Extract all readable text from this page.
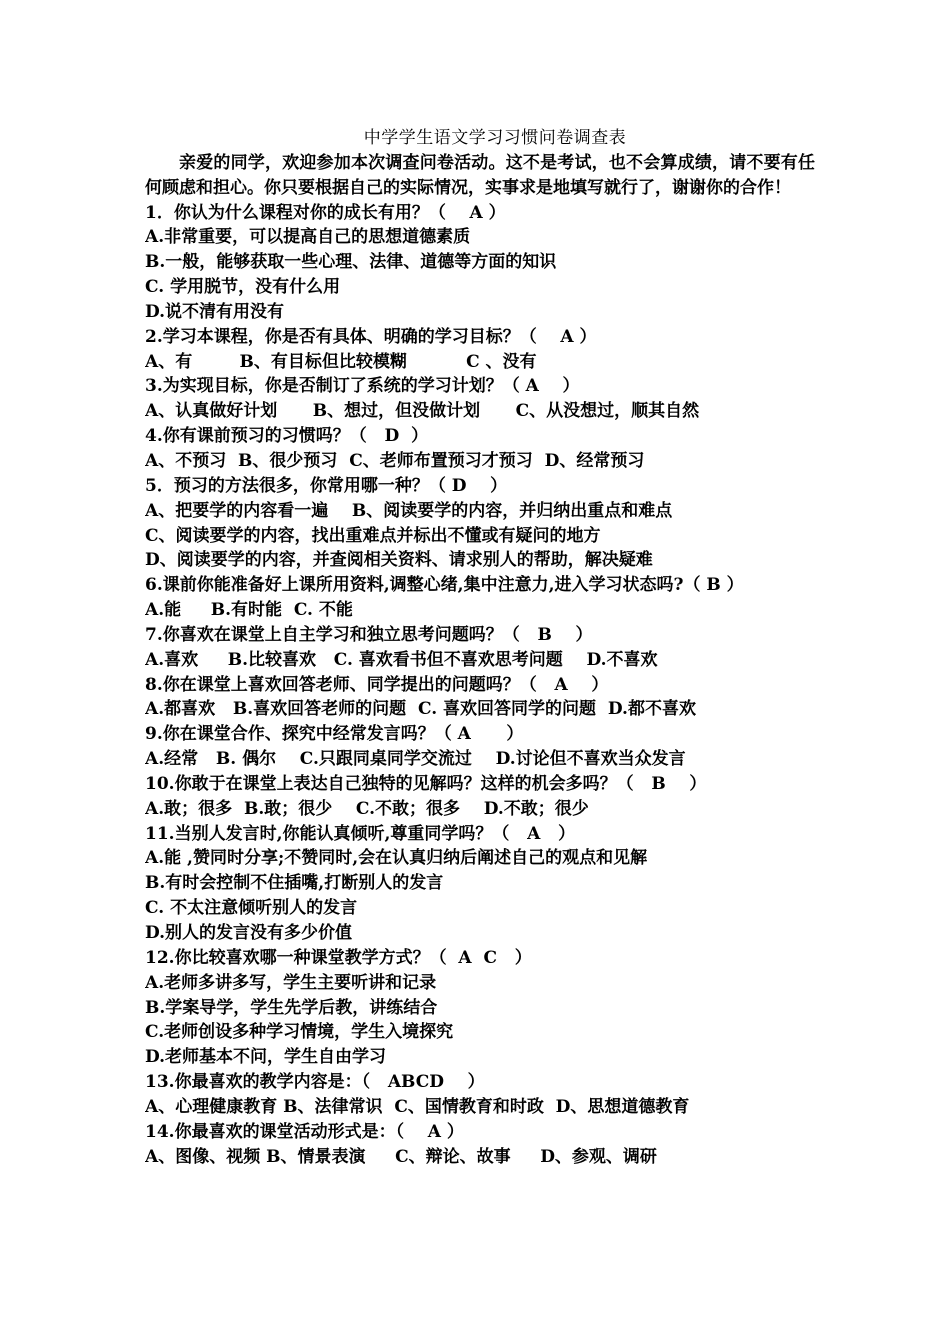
中学学生语文学习习惯问卷调查表
亲爱的同学，欢迎参加本次调查问卷活动。这不是考试，也不会算成绩，请不要有任何顾虑和担心。你只要根据自己的实际情况，实事求是地填写就行了，谢谢你的合作！
1．你认为什么课程对你的成长有用？（    A ）
A.非常重要，可以提高自己的思想道德素质
B.一般，能够获取一些心理、法律、道德等方面的知识
C. 学用脱节，没有什么用
D.说不清有用没有
2.学习本课程，你是否有具体、明确的学习目标？（    A ）
A、有        B、有目标但比较模糊          C 、没有
3.为实现目标，你是否制订了系统的学习计划？（ A    ）
A、认真做好计划      B、想过，但没做计划      C、从没想过，顺其自然
4.你有课前预习的习惯吗？（   D  ）
A、不预习  B、很少预习  C、老师布置预习才预习  D、经常预习
5．预习的方法很多，你常用哪一种？（ D    ）
A、把要学的内容看一遍    B、阅读要学的内容，并归纳出重点和难点
C、阅读要学的内容，找出重难点并标出不懂或有疑问的地方
D、阅读要学的内容，并查阅相关资料、请求别人的帮助，解决疑难
6.课前你能准备好上课所用资料,调整心绪,集中注意力,进入学习状态吗?（ B ）
A.能     B.有时能  C. 不能
7.你喜欢在课堂上自主学习和独立思考问题吗？（   B    ）
A.喜欢     B.比较喜欢   C. 喜欢看书但不喜欢思考问题    D.不喜欢
8.你在课堂上喜欢回答老师、同学提出的问题吗？（   A    ）
A.都喜欢   B.喜欢回答老师的问题  C. 喜欢回答同学的问题  D.都不喜欢
9.你在课堂合作、探究中经常发言吗？（ A      ）
A.经常   B. 偶尔    C.只跟同桌同学交流过    D.讨论但不喜欢当众发言
10.你敢于在课堂上表达自己独特的见解吗？这样的机会多吗？（   B    ）
A.敢；很多  B.敢；很少    C.不敢；很多    D.不敢；很少
11.当别人发言时,你能认真倾听,尊重同学吗？（   A   ）
A.能 ,赞同时分享;不赞同时,会在认真归纳后阐述自己的观点和见解
B.有时会控制不住插嘴,打断别人的发言
C. 不太注意倾听别人的发言
D.别人的发言没有多少价值
12.你比较喜欢哪一种课堂教学方式？（  A  C   ）
A.老师多讲多写，学生主要听讲和记录
B.学案导学，学生先学后教，讲练结合
C.老师创设多种学习情境，学生入境探究
D.老师基本不问，学生自由学习
13.你最喜欢的教学内容是：（   ABCD    ）
A、心理健康教育 B、法律常识  C、国情教育和时政  D、思想道德教育
14.你最喜欢的课堂活动形式是：（    A ）
A、图像、视频 B、情景表演     C、辩论、故事     D、参观、调研
